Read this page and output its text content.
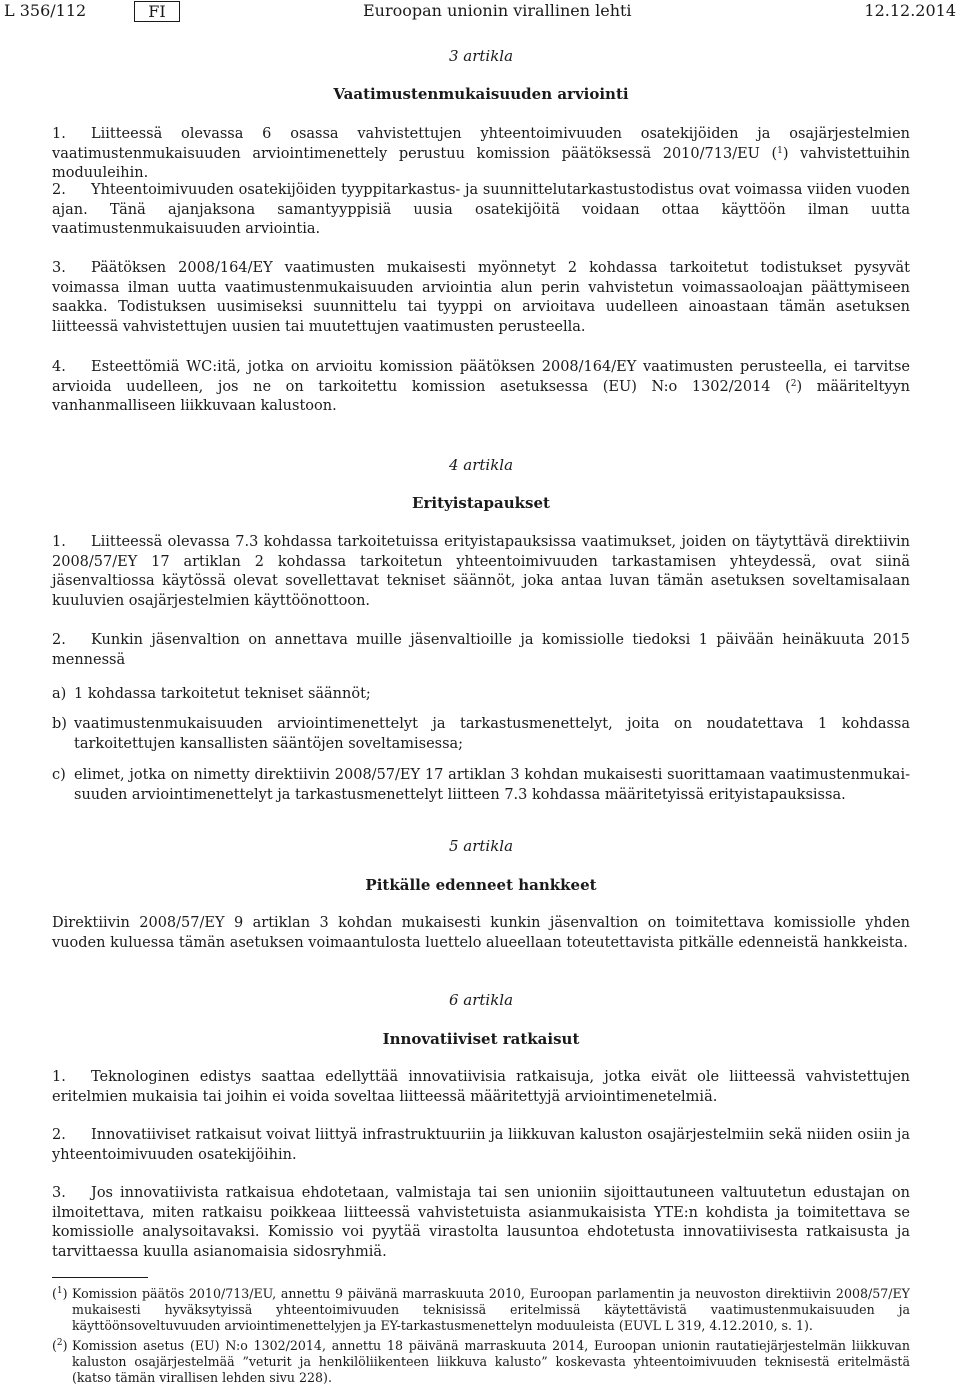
L 356/112	FI	Euroopan unionin virallinen lehti	12.12.2014
3 artikla
Vaatimustenmukaisuuden arviointi
1. Liitteessä olevassa 6 osassa vahvistettujen yhteentoimivuuden osatekijöiden ja osajärjestelmien vaatimustenmukaisuuden arviointimenettely perustuu komission päätöksessä 2010/713/EU ($^1$) vahvistettuihin moduuleihin.
2. Yhteentoimivuuden osatekijöiden tyyppitarkastus- ja suunnittelutarkastustodistus ovat voimassa viiden vuoden ajan. Tänä ajanjaksona samantyyppisiä uusia osatekijöitä voidaan ottaa käyttöön ilman uutta vaatimustenmukaisuuden arviointia.
3. Päätöksen 2008/164/EY vaatimusten mukaisesti myönnetyt 2 kohdassa tarkoitetut todistukset pysyvät voimassa ilman uutta vaatimustenmukaisuuden arviointia alun perin vahvistetun voimassaoloajan päättymiseen saakka. Todistuksen uusimiseksi suunnittelu tai tyyppi on arvioitava uudelleen ainoastaan tämän asetuksen liitteessä vahvistettujen uusien tai muutettujen vaatimusten perusteella.
4. Esteettömiä WC:itä, jotka on arvioitu komission päätöksen 2008/164/EY vaatimusten perusteella, ei tarvitse arvioida uudelleen, jos ne on tarkoitettu komission asetuksessa (EU) N:o 1302/2014 ($^2$) määriteltyyn vanhanmalliseen liikkuvaan kalustoon.
4 artikla
Erityistapaukset
1. Liitteessä olevassa 7.3 kohdassa tarkoitetuissa erityistapauksissa vaatimukset, joiden on täytyttävä direktiivin 2008/57/EY 17 artiklan 2 kohdassa tarkoitetun yhteentoimivuuden tarkastamisen yhteydessä, ovat siinä jäsenvaltiossa käytössä olevat sovellettavat tekniset säännöt, joka antaa luvan tämän asetuksen soveltamisalaan kuuluvien osajärjestelmien käyttöönottoon.
2. Kunkin jäsenvaltion on annettava muille jäsenvaltioille ja komissiolle tiedoksi 1 päivään heinäkuuta 2015 mennessä
a) 1 kohdassa tarkoitetut tekniset säännöt;
b) vaatimustenmukaisuuden arviointimenettelyt ja tarkastusmenettelyt, joita on noudatettava 1 kohdassa tarkoitettujen kansallisten sääntöjen soveltamisessa;
c) elimet, jotka on nimetty direktiivin 2008/57/EY 17 artiklan 3 kohdan mukaisesti suorittamaan vaatimustenmukaisuuden arviointimenettelyt ja tarkastusmenettelyt liitteen 7.3 kohdassa määritetyissä erityistapauksissa.
5 artikla
Pitkälle edenneet hankkeet
Direktiivin 2008/57/EY 9 artiklan 3 kohdan mukaisesti kunkin jäsenvaltion on toimitettava komissiolle yhden vuoden kuluessa tämän asetuksen voimaantulosta luettelo alueellaan toteutettavista pitkälle edenneistä hankkeista.
6 artikla
Innovatiiviset ratkaisut
1. Teknologinen edistys saattaa edellyttää innovatiivisia ratkaisuja, jotka eivät ole liitteessä vahvistettujen eritelmien mukaisia tai joihin ei voida soveltaa liitteessä määritettyjä arviointimenetelmiä.
2. Innovatiiviset ratkaisut voivat liittyä infrastruktuuriin ja liikkuvan kaluston osajärjestelmiin sekä niiden osiin ja yhteentoimivuuden osatekijöihin.
3. Jos innovatiivista ratkaisua ehdotetaan, valmistaja tai sen unioniin sijoittautuneen valtuutetun edustajan on ilmoitettava, miten ratkaisu poikkeaa liitteessä vahvistetuista asianmukaisista YTE:n kohdista ja toimitettava se komissiolle analysoitavaksi. Komissio voi pyytää virastolta lausuntoa ehdotetusta innovatiivisesta ratkaisusta ja tarvittaessa kuulla asianomaisia sidosryhmiä.
($^1$) Komission päätös 2010/713/EU, annettu 9 päivänä marraskuuta 2010, Euroopan parlamentin ja neuvoston direktiivin 2008/57/EY mukaisesti hyväksytyissä yhteentoimivuuden teknisissä eritelmissä käytettävistä vaatimustenmukaisuuden ja käyttöönsoveltuvuuden arviointimenettelyjen ja EY-tarkastusmenettelyn moduuleista (EUVL L 319, 4.12.2010, s. 1).
($^2$) Komission asetus (EU) N:o 1302/2014, annettu 18 päivänä marraskuuta 2014, Euroopan unionin rautatiejärjestelmän liikkuvan kaluston osajärjestelmää ”veturit ja henkilöliikenteen liikkuva kalusto” koskevasta yhteentoimivuuden teknisestä eritelmästä (katso tämän virallisen lehden sivu 228).
